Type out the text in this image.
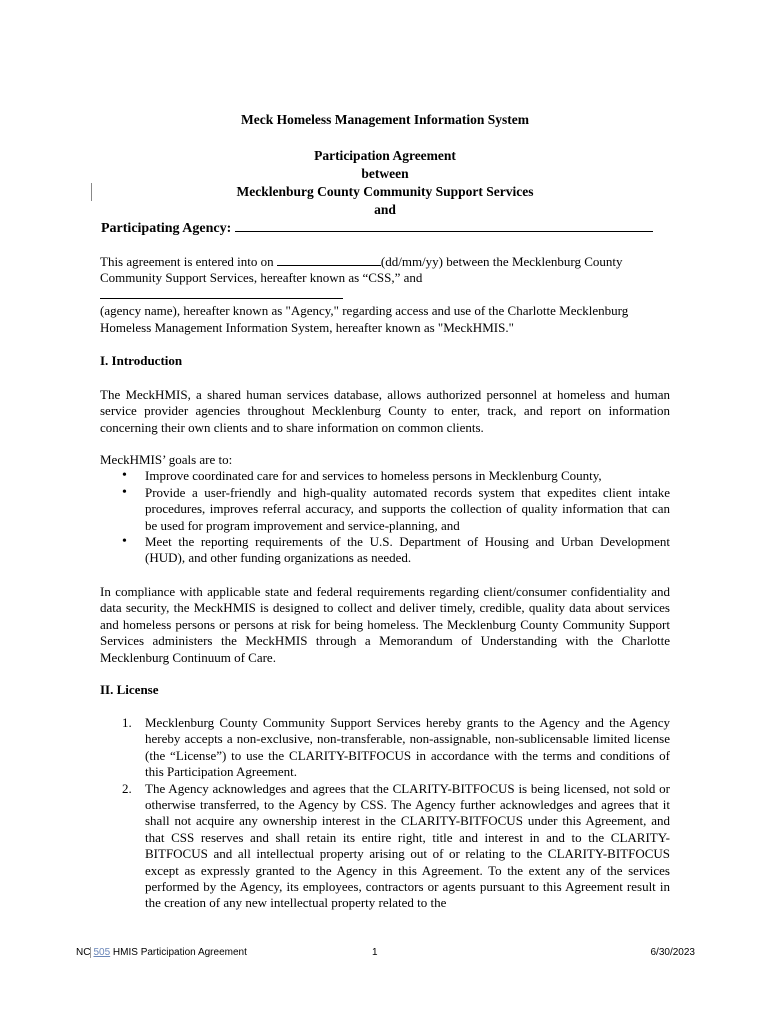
Meck Homeless Management Information System
Participation Agreement
between
Mecklenburg County Community Support Services
and
Participating Agency:
This agreement is entered into on	(dd/mm/yy) between the Mecklenburg County Community Support Services, hereafter known as “CSS,” and

(agency name), hereafter known as "Agency," regarding access and use of the Charlotte Mecklenburg Homeless Management Information System, hereafter known as "MeckHMIS."
I. Introduction
The MeckHMIS, a shared human services database, allows authorized personnel at homeless and human service provider agencies throughout Mecklenburg County to enter, track, and report on information concerning their own clients and to share information on common clients.
MeckHMIS’ goals are to:
• Improve coordinated care for and services to homeless persons in Mecklenburg County,
• Provide a user-friendly and high-quality automated records system that expedites client intake procedures, improves referral accuracy, and supports the collection of quality information that can be used for program improvement and service-planning, and
• Meet the reporting requirements of the U.S. Department of Housing and Urban Development (HUD), and other funding organizations as needed.
In compliance with applicable state and federal requirements regarding client/consumer confidentiality and data security, the MeckHMIS is designed to collect and deliver timely, credible, quality data about services and homeless persons or persons at risk for being homeless. The Mecklenburg County Community Support Services administers the MeckHMIS through a Memorandum of Understanding with the Charlotte Mecklenburg Continuum of Care.
II. License
1. Mecklenburg County Community Support Services hereby grants to the Agency and the Agency hereby accepts a non-exclusive, non-transferable, non-assignable, non-sublicensable limited license (the “License”) to use the CLARITY-BITFOCUS in accordance with the terms and conditions of this Participation Agreement.
2. The Agency acknowledges and agrees that the CLARITY-BITFOCUS is being licensed, not sold or otherwise transferred, to the Agency by CSS. The Agency further acknowledges and agrees that it shall not acquire any ownership interest in the CLARITY-BITFOCUS under this Agreement, and that CSS reserves and shall retain its entire right, title and interest in and to the CLARITY-BITFOCUS and all intellectual property arising out of or relating to the CLARITY-BITFOCUS except as expressly granted to the Agency in this Agreement. To the extent any of the services performed by the Agency, its employees, contractors or agents pursuant to this Agreement result in the creation of any new intellectual property related to the
NC 505 HMIS Participation Agreement	1	6/30/2023
